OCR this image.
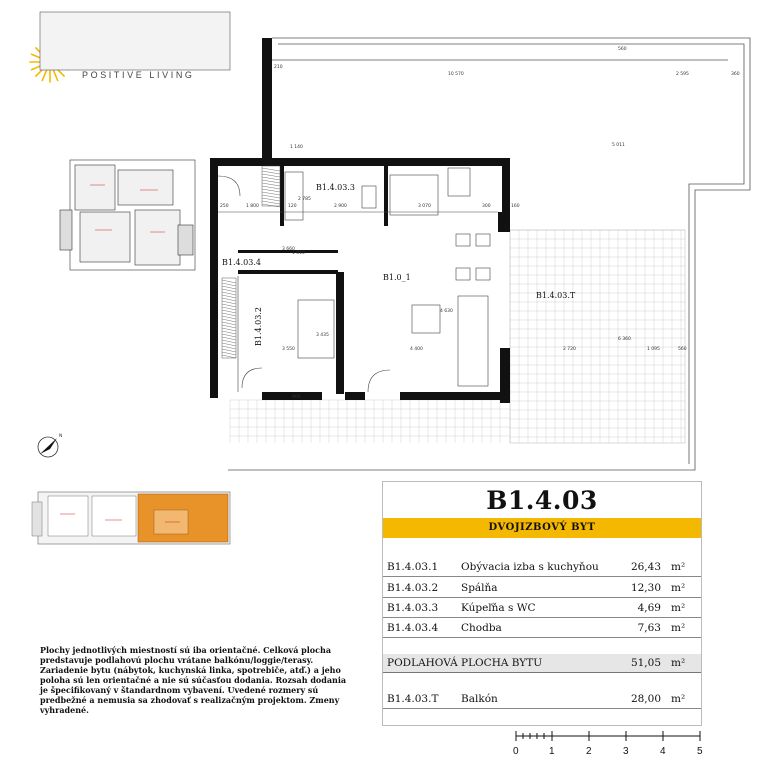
POSITIVE LIVING
N
B1.4.03.3
B1.4.03.4
B1.0_1
B1.4.03.T
B1.4.03.2
210
10 570	2 595	360
560
5 011
1 140
250	1 800	120	2 900	3 070	300	160
3 660
2 785
1 510
3 550
3 435
4 400
4 630
6 360
2 720	1 095	560
900
B1.4.03
DVOJIZBOVÝ BYT
B1.4.03.1 Obývacia izba s kuchyňou	26,43 m²
B1.4.03.2 Spálňa	12,30 m²
B1.4.03.3 Kúpeľňa s WC	4,69 m²
B1.4.03.4 Chodba	7,63 m²
PODLAHOVÁ PLOCHA BYTU	51,05 m²
B1.4.03.T Balkón	28,00 m²
Plochy jednotlivých miestností sú iba orientačné. Celková plocha
predstavuje podlahovú plochu vrátane balkónu/loggie/terasy.
Zariadenie bytu (nábytok, kuchynská linka, spotrebiče, atď.) a jeho
poloha sú len orientačné a nie sú súčasťou dodania. Rozsah dodania
je špecifikovaný v štandardnom vybavení. Uvedené rozmery sú
predbežné a nemusia sa zhodovať s realizačným projektom. Zmeny
vyhradené.
0	1	2	3	4	5
